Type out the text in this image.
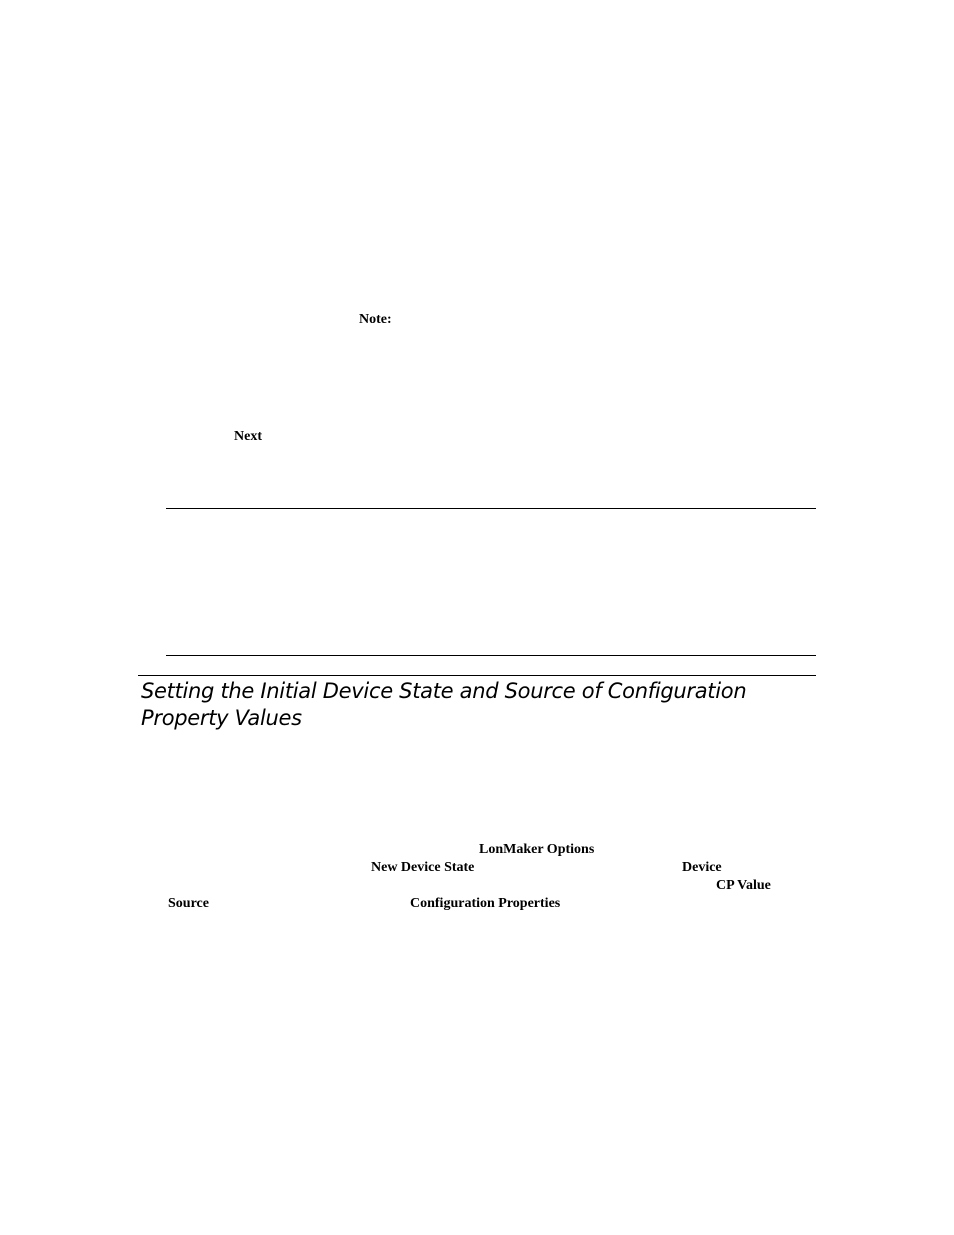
Note:
Next
Setting the Initial Device State and Source of Configuration Property Values
LonMaker Options
New Device State	Device
CP Value
Source	Configuration Properties
